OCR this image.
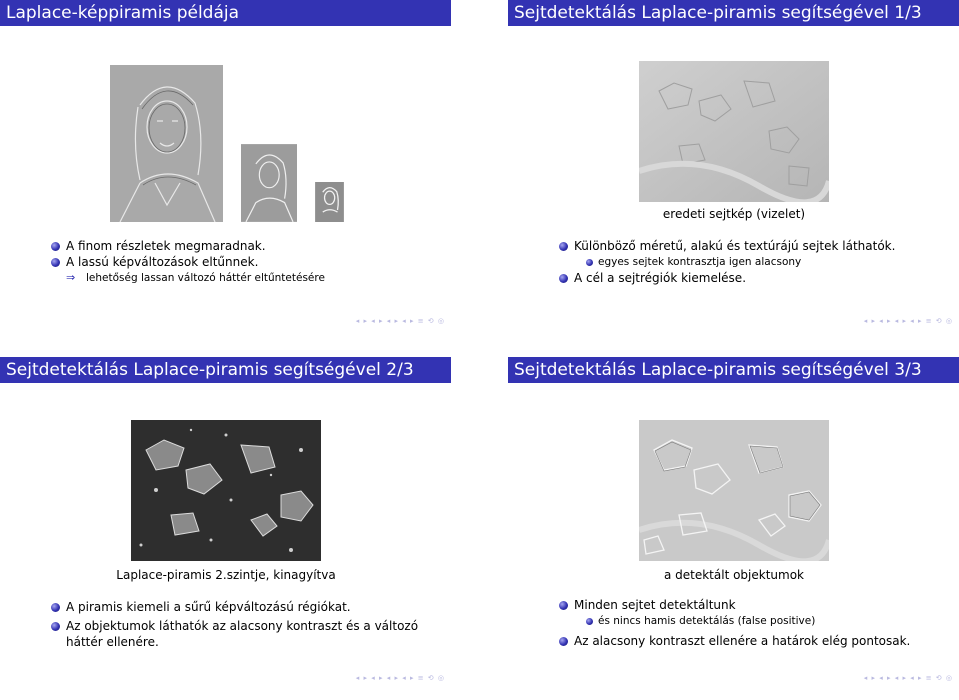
Laplace-képpiramis példája
A finom részletek megmaradnak.
A lassú képváltozások eltűnnek.
⇒ lehetőség lassan változó háttér eltűntetésére
◂ ▸ ◂ ▸ ◂ ▸ ◂ ▸ ≡ ⟲ ◎
Sejtdetektálás Laplace-piramis segítségével 1/3
eredeti sejtkép (vizelet)
Különböző méretű, alakú és textúrájú sejtek láthatók.
egyes sejtek kontrasztja igen alacsony
A cél a sejtrégiók kiemelése.
◂ ▸ ◂ ▸ ◂ ▸ ◂ ▸ ≡ ⟲ ◎
Sejtdetektálás Laplace-piramis segítségével 2/3
Laplace-piramis 2.szintje, kinagyítva
A piramis kiemeli a sűrű képváltozású régiókat.
Az objektumok láthatók az alacsony kontraszt és a változó háttér ellenére.
◂ ▸ ◂ ▸ ◂ ▸ ◂ ▸ ≡ ⟲ ◎
Sejtdetektálás Laplace-piramis segítségével 3/3
a detektált objektumok
Minden sejtet detektáltunk
és nincs hamis detektálás (false positive)
Az alacsony kontraszt ellenére a határok elég pontosak.
◂ ▸ ◂ ▸ ◂ ▸ ◂ ▸ ≡ ⟲ ◎
